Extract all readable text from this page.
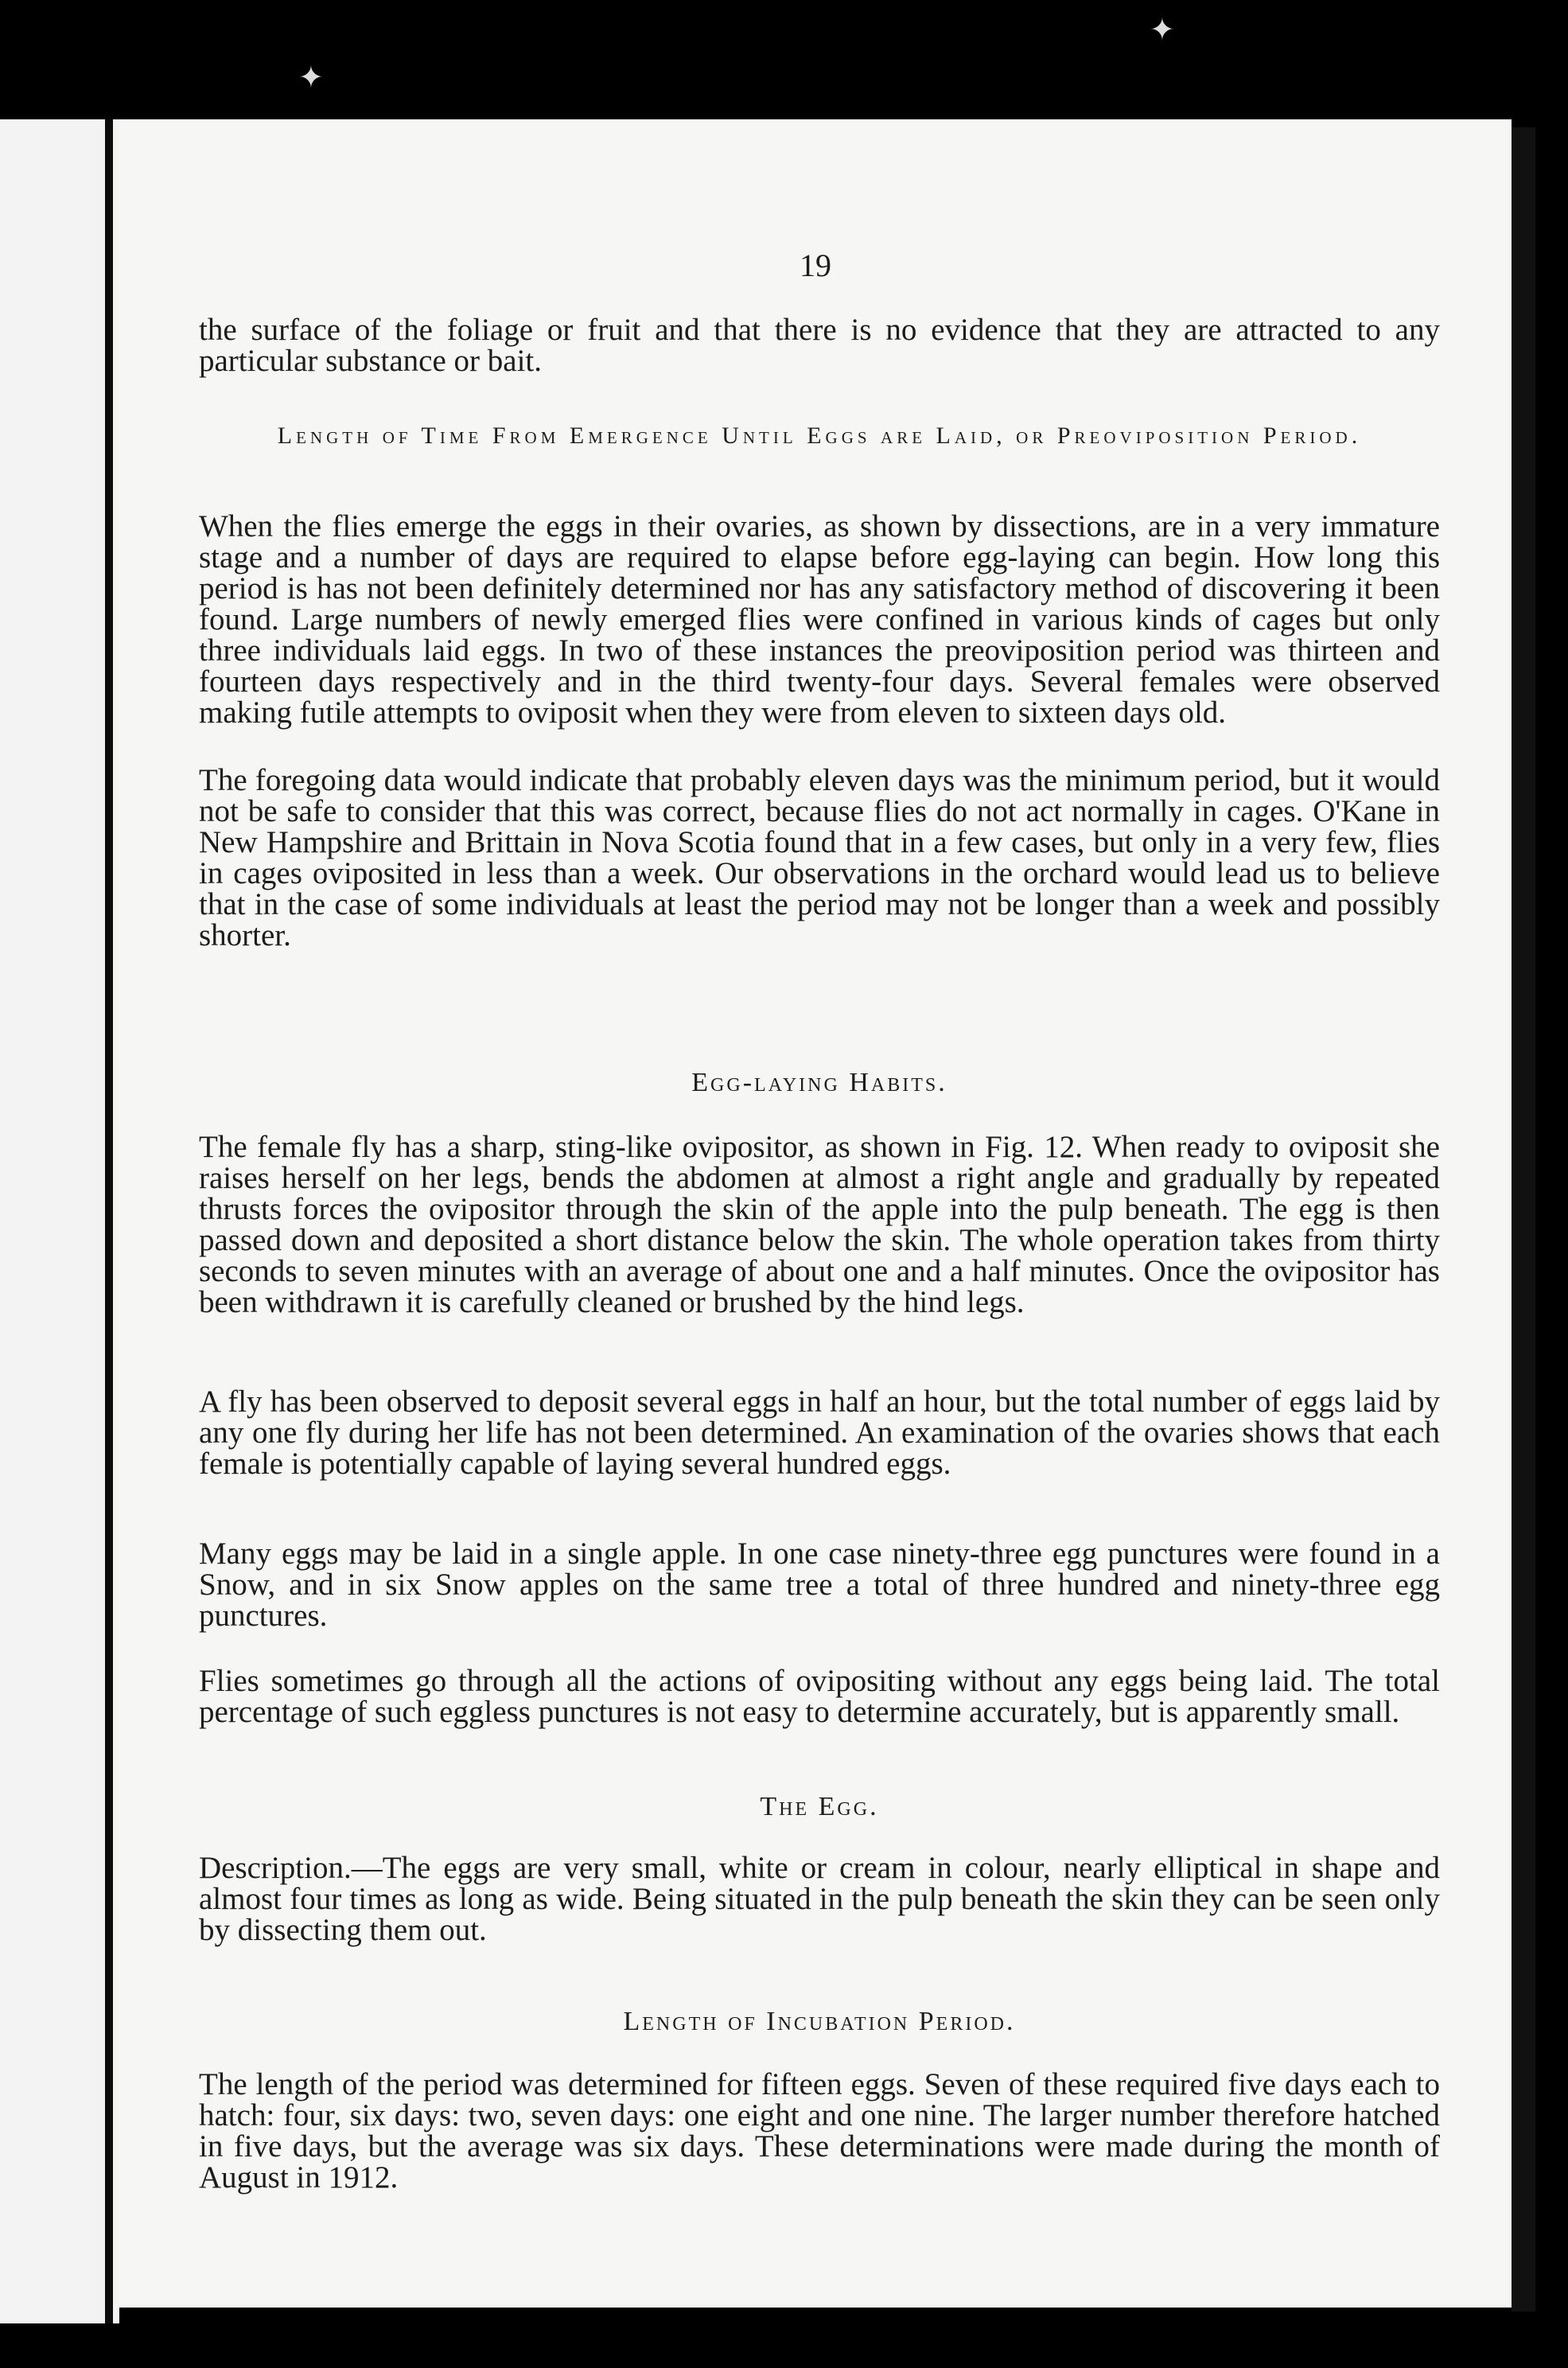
✦
✦
19
the surface of the foliage or fruit and that there is no evidence that they are attracted to any particular substance or bait.
Length of Time From Emergence Until Eggs are Laid, or Preoviposition Period.
When the flies emerge the eggs in their ovaries, as shown by dissections, are in a very immature stage and a number of days are required to elapse before egg-laying can begin. How long this period is has not been definitely determined nor has any satisfactory method of discovering it been found. Large numbers of newly emerged flies were confined in various kinds of cages but only three individuals laid eggs. In two of these instances the preoviposition period was thirteen and fourteen days respectively and in the third twenty-four days. Several females were observed making futile attempts to oviposit when they were from eleven to sixteen days old.
The foregoing data would indicate that probably eleven days was the minimum period, but it would not be safe to consider that this was correct, because flies do not act normally in cages. O'Kane in New Hampshire and Brittain in Nova Scotia found that in a few cases, but only in a very few, flies in cages oviposited in less than a week. Our observations in the orchard would lead us to believe that in the case of some individuals at least the period may not be longer than a week and possibly shorter.
Egg-laying Habits.
The female fly has a sharp, sting-like ovipositor, as shown in Fig. 12. When ready to oviposit she raises herself on her legs, bends the abdomen at almost a right angle and gradually by repeated thrusts forces the ovipositor through the skin of the apple into the pulp beneath. The egg is then passed down and deposited a short distance below the skin. The whole operation takes from thirty seconds to seven minutes with an average of about one and a half minutes. Once the ovipositor has been withdrawn it is carefully cleaned or brushed by the hind legs.
A fly has been observed to deposit several eggs in half an hour, but the total number of eggs laid by any one fly during her life has not been determined. An examination of the ovaries shows that each female is potentially capable of laying several hundred eggs.
Many eggs may be laid in a single apple. In one case ninety-three egg punctures were found in a Snow, and in six Snow apples on the same tree a total of three hundred and ninety-three egg punctures.
Flies sometimes go through all the actions of ovipositing without any eggs being laid. The total percentage of such eggless punctures is not easy to determine accurately, but is apparently small.
The Egg.
Description.—The eggs are very small, white or cream in colour, nearly elliptical in shape and almost four times as long as wide. Being situated in the pulp beneath the skin they can be seen only by dissecting them out.
Length of Incubation Period.
The length of the period was determined for fifteen eggs. Seven of these required five days each to hatch: four, six days: two, seven days: one eight and one nine. The larger number therefore hatched in five days, but the average was six days. These determinations were made during the month of August in 1912.
